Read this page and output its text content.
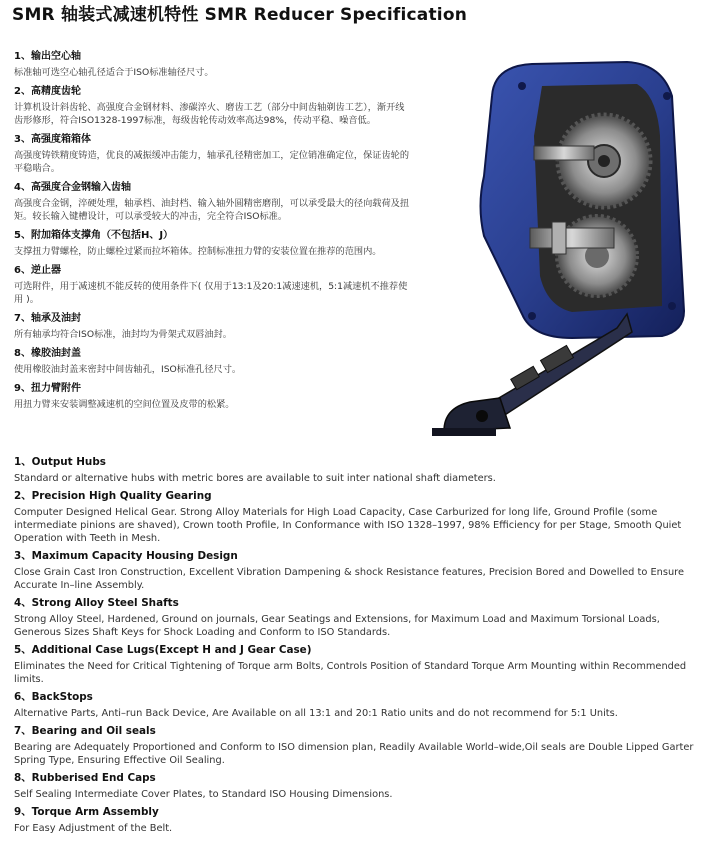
SMR 轴装式减速机特性 SMR Reducer Specification
1、输出空心轴
标准轴可选空心轴孔径适合于ISO标准轴径尺寸。
2、高精度齿轮
计算机设计斜齿轮、高强度合金钢材料、渗碳淬火、磨齿工艺（部分中间齿轴剃齿工艺），渐开线齿形修形，符合ISO1328-1997标准，每级齿轮传动效率高达98%，传动平稳、噪音低。
3、高强度箱箱体
高强度铸铁精度铸造，优良的减振缓冲击能力，轴承孔径精密加工，定位销准确定位，保证齿轮的平稳啮合。
4、高强度合金钢输入齿轴
高强度合金钢，淬硬处理，轴承档、油封档、输入轴外圆精密磨削，可以承受最大的径向载荷及扭矩。较长输入键槽设计，可以承受较大的冲击，完全符合ISO标准。
5、附加箱体支撑角（不包括H、J）
支撑扭力臂螺栓，防止螺栓过紧而拉坏箱体。控制标准扭力臂的安装位置在推荐的范围内。
6、逆止器
可选附件，用于减速机不能反转的使用条件下( 仅用于13:1及20:1减速速机，5:1减速机不推荐使用 )。
7、轴承及油封
所有轴承均符合ISO标准，油封均为骨架式双唇油封。
8、橡胶油封盖
使用橡胶油封盖来密封中间齿轴孔，ISO标准孔径尺寸。
9、扭力臂附件
用扭力臂来安装调整减速机的空间位置及皮带的松紧。
1、Output Hubs
Standard or alternative hubs with metric bores are available to suit inter national shaft diameters.
2、Precision High Quality Gearing
Computer Designed Helical Gear. Strong Alloy Materials for High Load Capacity, Case Carburized for long life, Ground Profile (some intermediate pinions are shaved), Crown tooth Profile, In Conformance with ISO 1328–1997, 98% Efficiency for per Stage, Smooth Quiet Operation with Teeth in Mesh.
3、Maximum Capacity Housing Design
Close Grain Cast Iron Construction, Excellent Vibration Dampening & shock Resistance features, Precision Bored and Dowelled to Ensure Accurate In–line Assembly.
4、Strong Alloy Steel Shafts
Strong Alloy Steel, Hardened, Ground on journals, Gear Seatings and Extensions, for Maximum Load and Maximum Torsional Loads, Generous Sizes Shaft Keys for Shock Loading and Conform to ISO Standards.
5、Additional Case Lugs(Except H and J Gear Case)
Eliminates the Need for Critical Tightening of Torque arm Bolts, Controls Position of Standard Torque Arm Mounting within Recommended limits.
6、BackStops
Alternative Parts, Anti–run Back Device, Are Available on all 13:1 and 20:1 Ratio units and do not recommend for 5:1 Units.
7、Bearing and Oil seals
Bearing are Adequately Proportioned and Conform to ISO dimension plan, Readily Available World–wide,Oil seals are Double Lipped Garter Spring Type, Ensuring Effective Oil Sealing.
8、Rubberised End Caps
Self Sealing Intermediate Cover Plates, to Standard ISO Housing Dimensions.
9、Torque Arm Assembly
For Easy Adjustment of the Belt.
